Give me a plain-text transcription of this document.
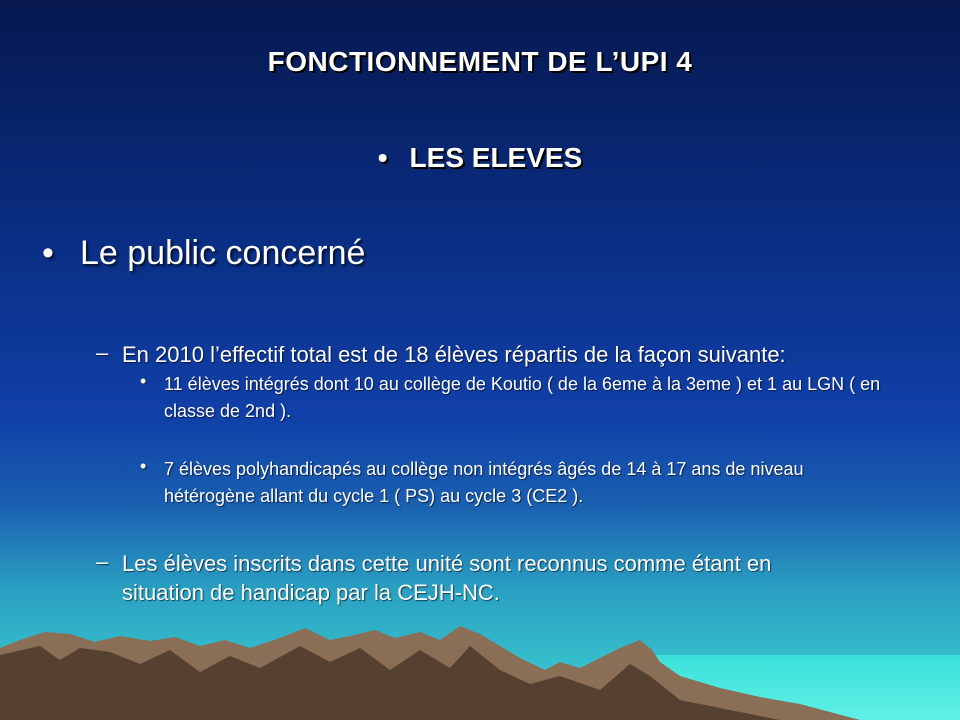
FONCTIONNEMENT DE L’UPI 4
• LES ELEVES
• Le public concerné
– En 2010 l’effectif total est de 18 élèves répartis de la façon suivante:
• 11 élèves intégrés dont 10 au collège de Koutio ( de la 6eme à la 3eme ) et 1 au LGN ( en classe de 2nd ).
• 7 élèves polyhandicapés au collège non intégrés âgés de 14 à 17 ans de niveau hétérogène allant du cycle 1 ( PS) au cycle 3 (CE2 ).
– Les élèves inscrits dans cette unité sont reconnus comme étant en situation de handicap par la CEJH-NC.
